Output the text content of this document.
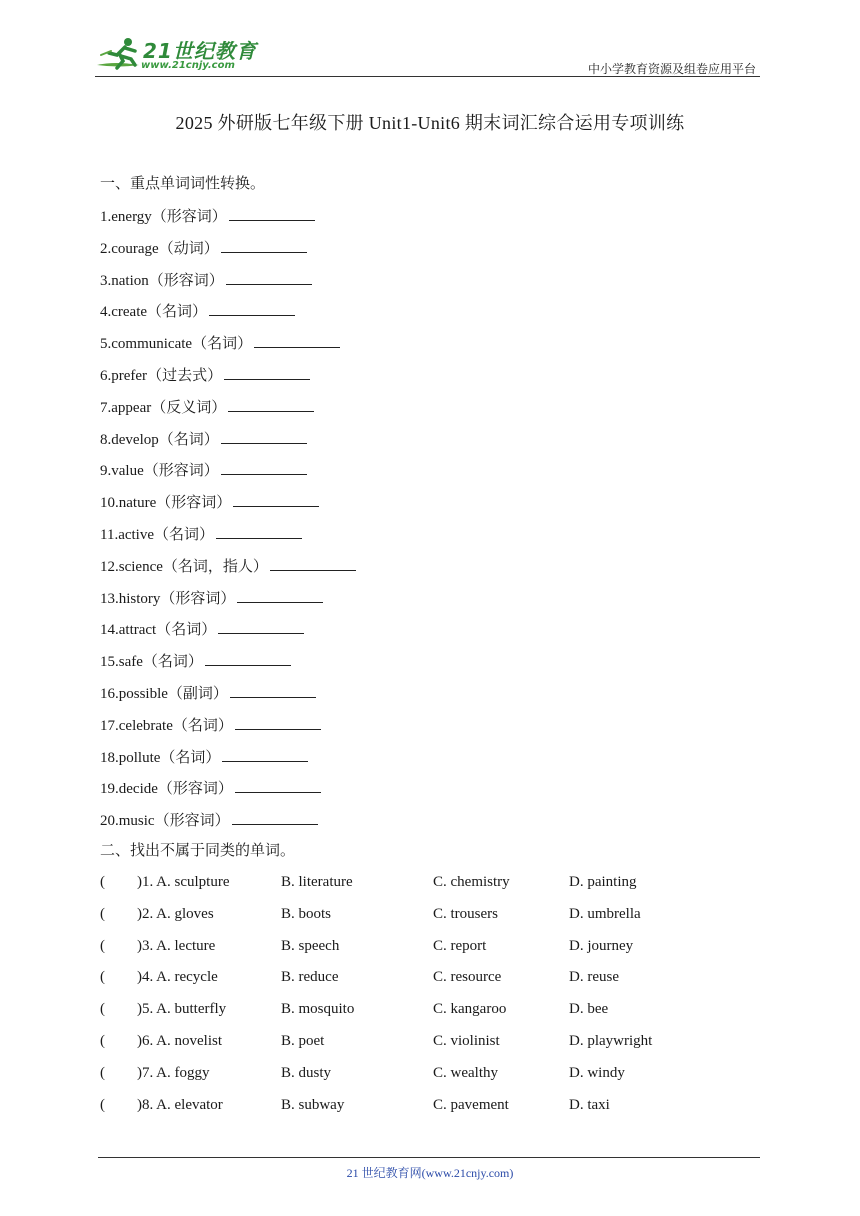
21世纪教育
www.21cnjy.com	中小学教育资源及组卷应用平台
2025 外研版七年级下册 Unit1-Unit6 期末词汇综合运用专项训练
一、重点单词词性转换。
1.energy（形容词）
2.courage（动词）
3.nation（形容词）
4.create（名词）
5.communicate（名词）
6.prefer（过去式）
7.appear（反义词）
8.develop（名词）
9.value（形容词）
10.nature（形容词）
11.active（名词）
12.science（名词，指人）
13.history（形容词）
14.attract（名词）
15.safe（名词）
16.possible（副词）
17.celebrate（名词）
18.pollute（名词）
19.decide（形容词）
20.music（形容词）
二、找出不属于同类的单词。
( )1. A. sculpture	B. literature	C. chemistry	D. painting
( )2. A. gloves	B. boots	C. trousers	D. umbrella
( )3. A. lecture	B. speech	C. report	D. journey
( )4. A. recycle	B. reduce	C. resource	D. reuse
( )5. A. butterfly	B. mosquito	C. kangaroo	D. bee
( )6. A. novelist	B. poet	C. violinist	D. playwright
( )7. A. foggy	B. dusty	C. wealthy	D. windy
( )8. A. elevator	B. subway	C. pavement	D. taxi
21 世纪教育网(www.21cnjy.com)
